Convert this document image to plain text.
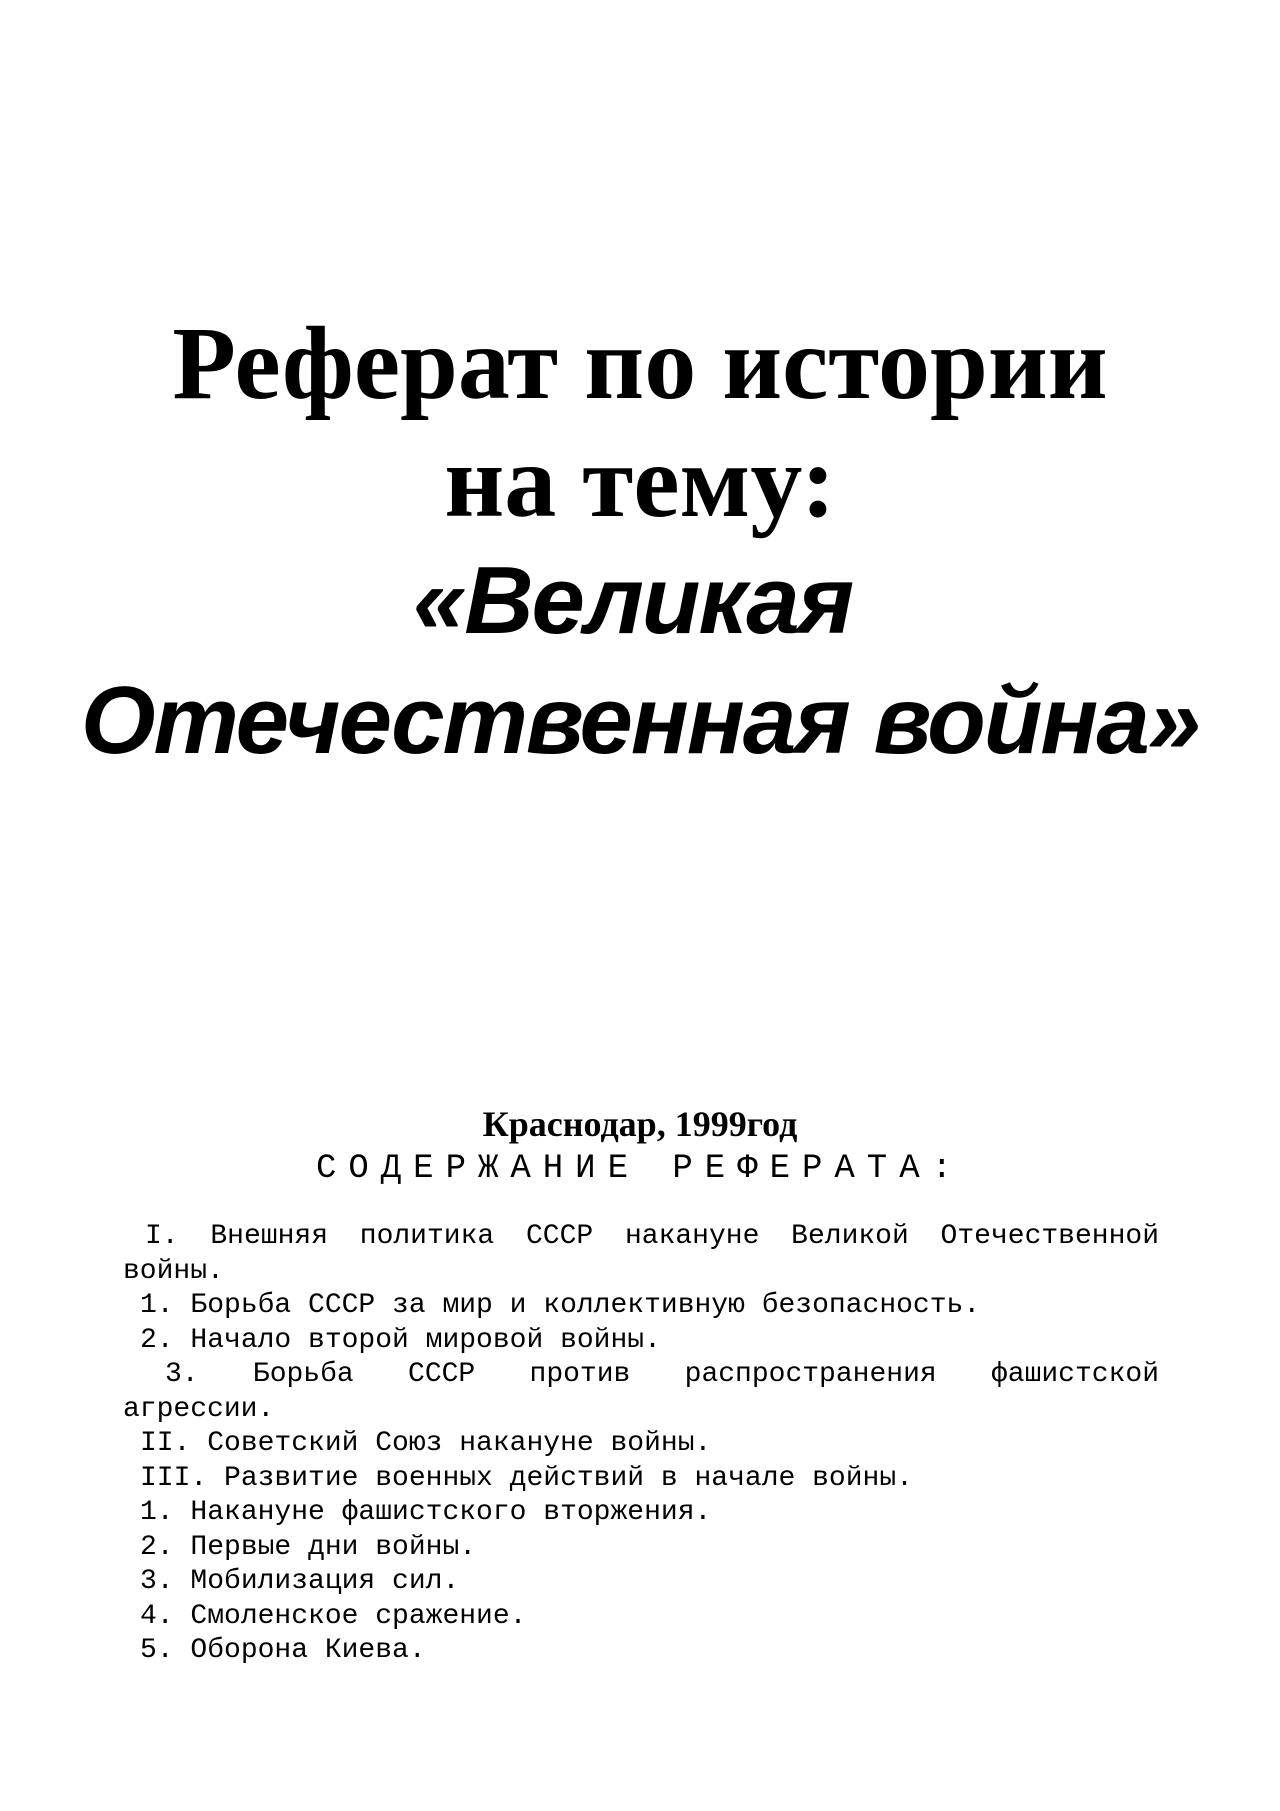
Реферат по истории

на тему:

«Великая

Отечественная война»

Краснодар, 1999год
СОДЕРЖАНИЕ РЕФЕРАТА:

I. Внешняя политика СССР накануне Великой Отечественной войны.

1. Борьба СССР за мир и коллективную безопасность.

2. Начало второй мировой войны.

3. Борьба СССР против распространения фашистской агрессии.

II. Советский Союз накануне войны.

III. Развитие военных действий в начале войны.

1. Накануне фашистского вторжения.

2. Первые дни войны.

3. Мобилизация сил.

4. Смоленское сражение.

5. Оборона Киева.
